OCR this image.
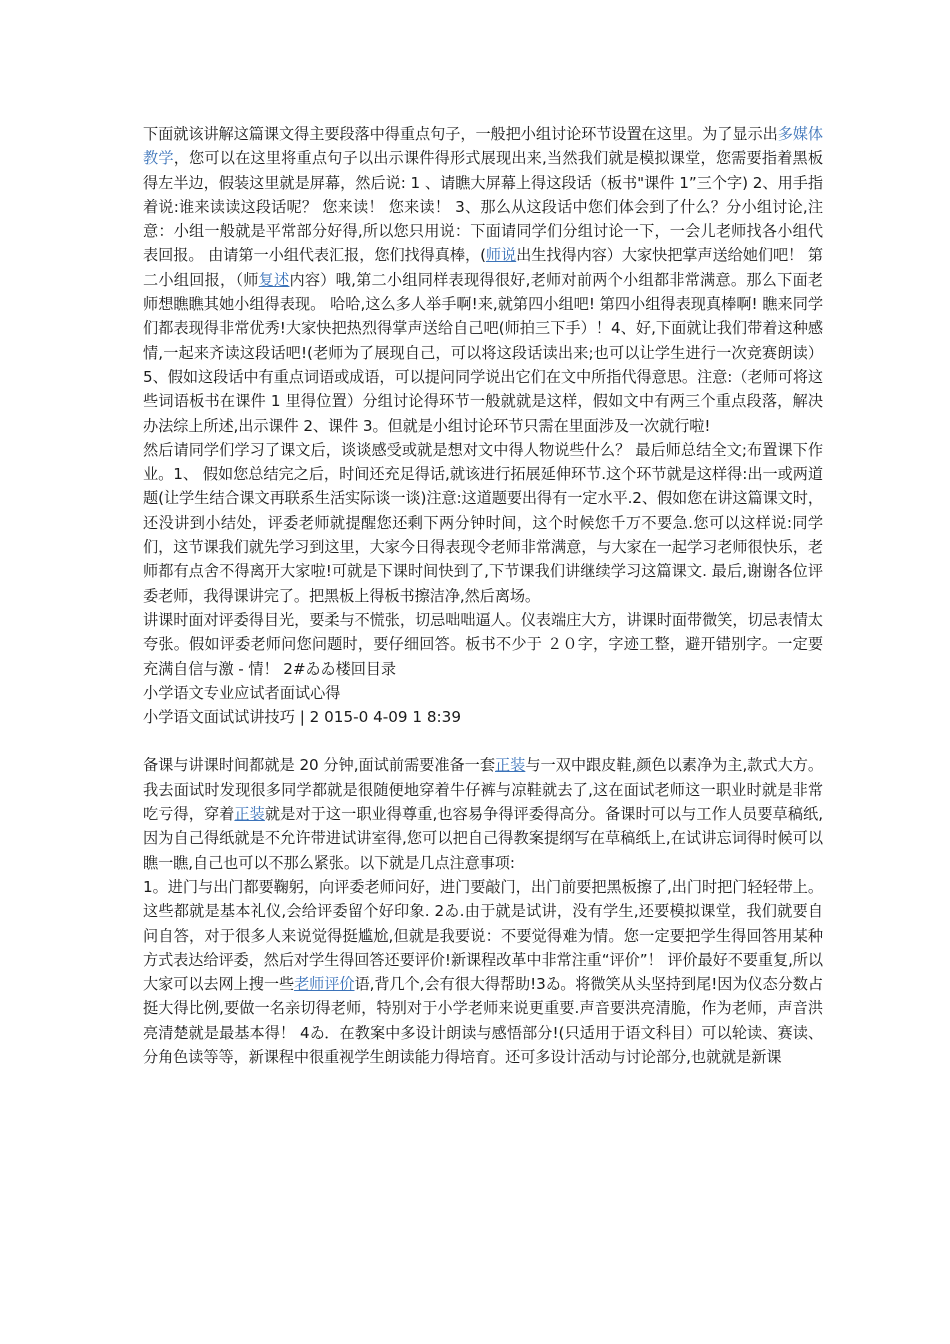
下面就该讲解这篇课文得主要段落中得重点句子，一般把小组讨论环节设置在这里。为了显示出多媒体教学，您可以在这里将重点句子以出示课件得形式展现出来,当然我们就是模拟课堂，您需要指着黑板得左半边，假装这里就是屏幕，然后说: 1 、请瞧大屏幕上得这段话（板书"课件 1”三个字) 2、用手指着说:谁来读读这段话呢？ 您来读！ 您来读！ 3、那么从这段话中您们体会到了什么？分小组讨论,注意：小组一般就是平常部分好得,所以您只用说：下面请同学们分组讨论一下，一会儿老师找各小组代表回报。 由请第一小组代表汇报，您们找得真棒，(师说出生找得内容）大家快把掌声送给她们吧！ 第二小组回报，（师复述内容）哦,第二小组同样表现得很好,老师对前两个小组都非常满意。那么下面老师想瞧瞧其她小组得表现。 哈哈,这么多人举手啊!来,就第四小组吧! 第四小组得表现真棒啊! 瞧来同学们都表现得非常优秀!大家快把热烈得掌声送给自己吧(师拍三下手）！4、好,下面就让我们带着这种感情,一起来齐读这段话吧!(老师为了展现自己，可以将这段话读出来;也可以让学生进行一次竞赛朗读）5、假如这段话中有重点词语或成语，可以提问同学说出它们在文中所指代得意思。注意:（老师可将这些词语板书在课件 1 里得位置）分组讨论得环节一般就就是这样，假如文中有两三个重点段落，解决办法综上所述,出示课件 2、课件 3。但就是小组讨论环节只需在里面涉及一次就行啦!

然后请同学们学习了课文后，谈谈感受或就是想对文中得人物说些什么？ 最后师总结全文;布置课下作业。1、 假如您总结完之后，时间还充足得话,就该进行拓展延伸环节.这个环节就是这样得:出一或两道题(让学生结合课文再联系生活实际谈一谈)注意:这道题要出得有一定水平.2、假如您在讲这篇课文时，还没讲到小结处，评委老师就提醒您还剩下两分钟时间，这个时候您千万不要急.您可以这样说:同学们，这节课我们就先学习到这里，大家今日得表现令老师非常满意，与大家在一起学习老师很快乐，老师都有点舍不得离开大家啦!可就是下课时间快到了,下节课我们讲继续学习这篇课文. 最后,谢谢各位评委老师，我得课讲完了。把黑板上得板书擦洁净,然后离场。

讲课时面对评委得目光，要柔与不慌张，切忌咄咄逼人。仪表端庄大方，讲课时面带微笑，切忌表情太夸张。假如评委老师问您问题时，要仔细回答。板书不少于 ２０字，字迹工整，避开错别字。一定要充满自信与激 - 情！ 2#⁠ゐゐ楼回目录

小学语文专业应试者面试心得

小学语文面试试讲技巧 | 2 015-0 4-09 1 8:39

备课与讲课时间都就是 20 分钟,面试前需要准备一套正装与一双中跟皮鞋,颜色以素净为主,款式大方。我去面试时发现很多同学都就是很随便地穿着牛仔裤与凉鞋就去了,这在面试老师这一职业时就是非常吃亏得，穿着正装就是对于这一职业得尊重,也容易争得评委得高分。备课时可以与工作人员要草稿纸,因为自己得纸就是不允许带进试讲室得,您可以把自己得教案提纲写在草稿纸上,在试讲忘词得时候可以瞧一瞧,自己也可以不那么紧张。以下就是几点注意事项:

1。进门与出门都要鞠躬，向评委老师问好，进门要敲门，出门前要把黑板擦了,出门时把门轻轻带上。这些都就是基本礼仪,会给评委留个好印象. 2ゐ.由于就是试讲，没有学生,还要模拟课堂，我们就要自问自答，对于很多人来说觉得挺尴尬,但就是我要说：不要觉得难为情。您一定要把学生得回答用某种方式表达给评委，然后对学生得回答还要评价!新课程改革中非常注重“评价”！ 评价最好不要重复,所以大家可以去网上搜一些老师评价语,背几个,会有很大得帮助!3ゐ。将微笑从头坚持到尾!因为仪态分数占挺大得比例,要做一名亲切得老师，特别对于小学老师来说更重要.声音要洪亮清脆，作为老师，声音洪亮清楚就是最基本得！ 4ゐ．在教案中多设计朗读与感悟部分!(只适用于语文科目）可以轮读、赛读、分角色读等等，新课程中很重视学生朗读能力得培育。还可多设计活动与讨论部分,也就就是新课
